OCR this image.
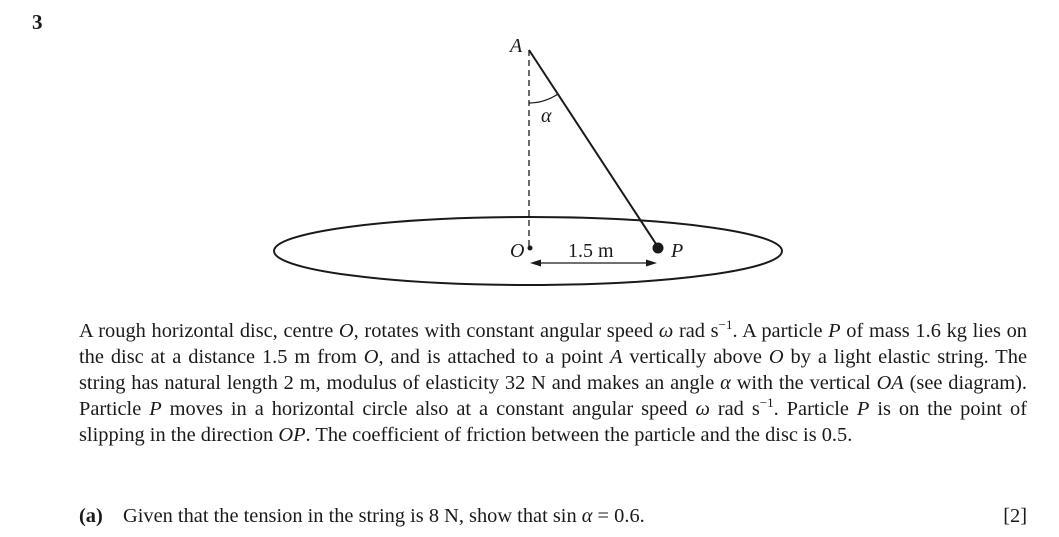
3
A
α
O	P
1.5 m

A rough horizontal disc, centre O, rotates with constant angular speed ω rad $s^{-1}$. A particle P of mass 1.6 kg lies on the disc at a distance 1.5 m from O, and is attached to a point A vertically above O by a light elastic string. The string has natural length 2 m, modulus of elasticity 32 N and makes an angle α with the vertical OA (see diagram). Particle P moves in a horizontal circle also at a constant angular speed ω rad $s^{-1}$. Particle P is on the point of slipping in the direction OP. The coefficient of friction between the particle and the disc is 0.5.

(a) Given that the tension in the string is 8 N, show that sin α = 0.6.	[2]
